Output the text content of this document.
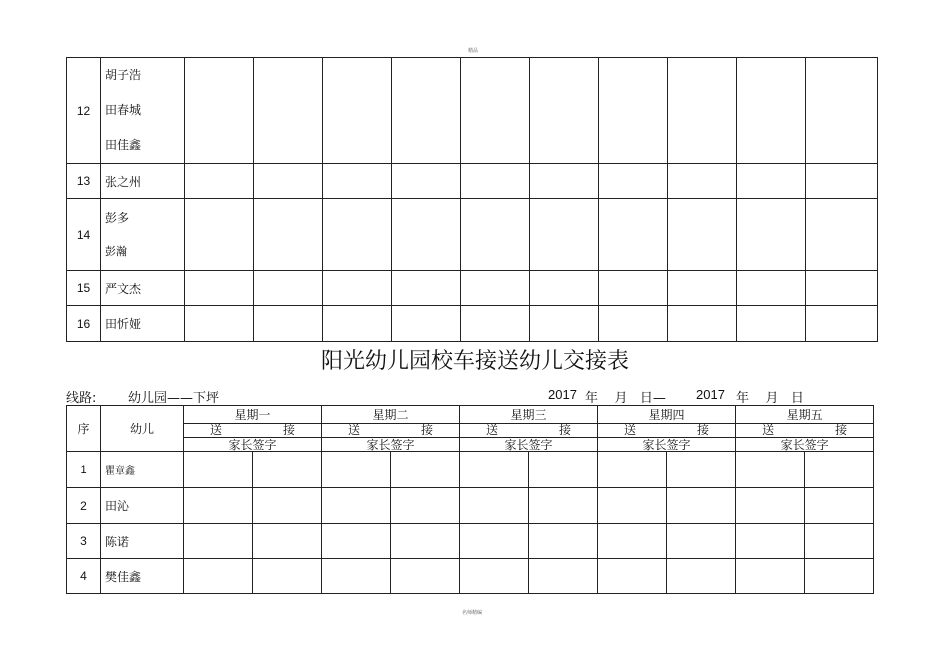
精品
12	胡子浩
田春城
田佳鑫										

13	张之州										

14	彭多
彭瀚										

15	严文杰										

16	田忻娅										

阳光幼儿园校车接送幼儿交接表
线路: 幼儿园——下坪	2017 年    月   日— 2017 年    月   日
序	幼儿	星期一		星期二		星期三		星期四		星期五	

		送 接		送 接		送 接		送 接		送 接	

		家长签字		家长签字		家长签字		家长签字		家长签字	
1	瞿章鑫										
2	田沁										
3	陈诺										
4	樊佳鑫										
名师精编
